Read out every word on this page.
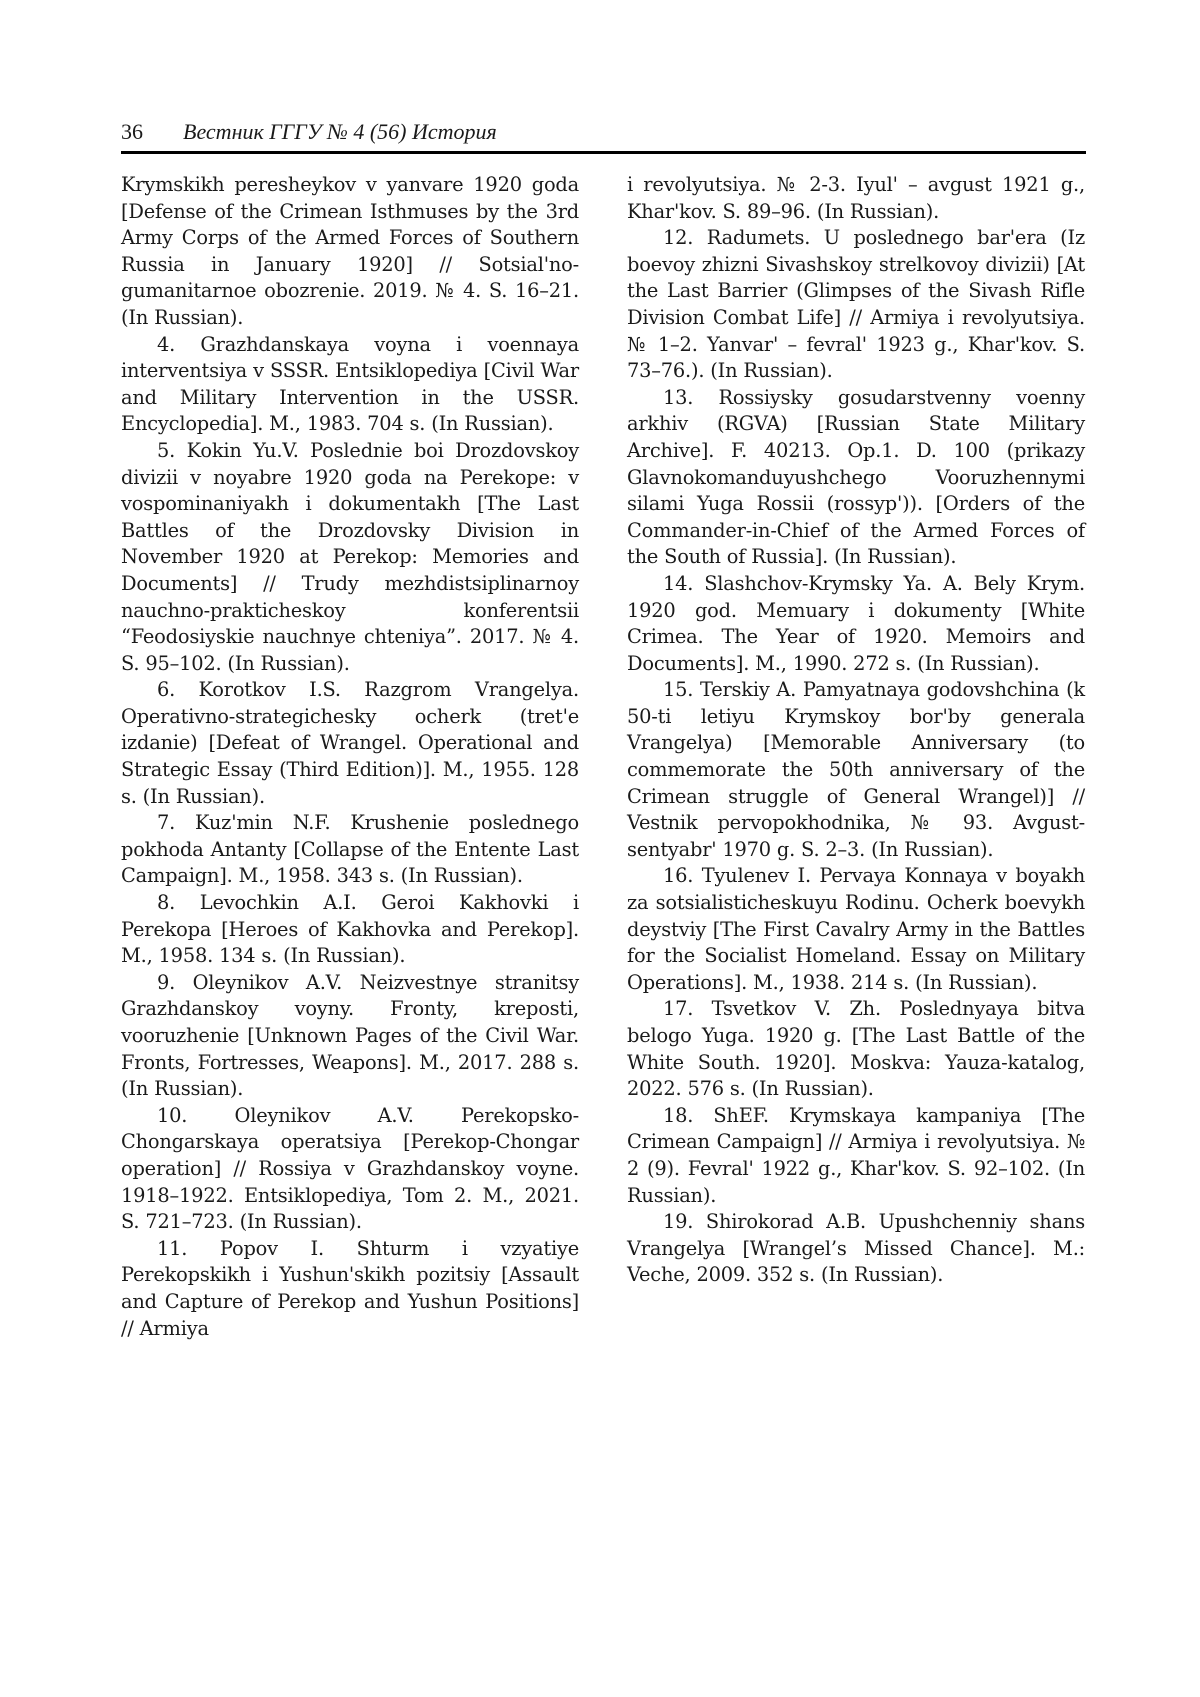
36 Вестник ГГГУ № 4 (56) История

Krymskikh peresheykov v yanvare 1920 goda [Defense of the Crimean Isthmuses by the 3rd Army Corps of the Armed Forces of Southern Russia in January 1920] // Sotsial'no-gumanitarnoe obozrenie. 2019. № 4. S. 16–21. (In Russian).

4. Grazhdanskaya voyna i voennaya interventsiya v SSSR. Entsiklopediya [Civil War and Military Intervention in the USSR. Encyclopedia]. M., 1983. 704 s. (In Russian).

5. Kokin Yu.V. Poslednie boi Drozdovskoy divizii v noyabre 1920 goda na Perekope: v vospominaniyakh i dokumentakh [The Last Battles of the Drozdovsky Division in November 1920 at Perekop: Memories and Documents] // Trudy mezhdistsiplinarnoy nauchno-prakticheskoy konferentsii “Feodosiyskie nauchnye chteniya”. 2017. № 4. S. 95–102. (In Russian).

6. Korotkov I.S. Razgrom Vrangelya. Operativno-strategichesky ocherk (tret'e izdanie) [Defeat of Wrangel. Operational and Strategic Essay (Third Edition)]. M., 1955. 128 s. (In Russian).

7. Kuz'min N.F. Krushenie poslednego pokhoda Antanty [Collapse of the Entente Last Campaign]. M., 1958. 343 s. (In Russian).

8. Levochkin A.I. Geroi Kakhovki i Perekopa [Heroes of Kakhovka and Perekop]. M., 1958. 134 s. (In Russian).

9. Oleynikov A.V. Neizvestnye stranitsy Grazhdanskoy voyny. Fronty, kreposti, vooruzhenie [Unknown Pages of the Civil War. Fronts, Fortresses, Weapons]. M., 2017. 288 s. (In Russian).

10. Oleynikov A.V. Perekopsko-Chongarskaya operatsiya [Perekop-Chongar operation] // Rossiya v Grazhdanskoy voyne. 1918–1922. Entsiklopediya, Tom 2. M., 2021. S. 721–723. (In Russian).

11. Popov I. Shturm i vzyatiye Perekopskikh i Yushun'skikh pozitsiy [Assault and Capture of Perekop and Yushun Positions] // Armiya

i revolyutsiya. № 2-3. Iyul' – avgust 1921 g., Khar'kov. S. 89–96. (In Russian).

12. Radumets. U poslednego bar'era (Iz boevoy zhizni Sivashskoy strelkovoy divizii) [At the Last Barrier (Glimpses of the Sivash Rifle Division Combat Life] // Armiya i revolyutsiya. № 1–2. Yanvar' – fevral' 1923 g., Khar'kov. S. 73–76.). (In Russian).

13. Rossiysky gosudarstvenny voenny arkhiv (RGVA) [Russian State Military Archive]. F. 40213. Op.1. D. 100 (prikazy Glavnokomanduyushchego Vooruzhennymi silami Yuga Rossii (rossyp')). [Orders of the Commander-in-Chief of the Armed Forces of the South of Russia]. (In Russian).

14. Slashchov-Krymsky Ya. A. Bely Krym. 1920 god. Memuary i dokumenty [White Crimea. The Year of 1920. Memoirs and Documents]. M., 1990. 272 s. (In Russian).

15. Terskiy A. Pamyatnaya godovshchina (k 50-ti letiyu Krymskoy bor'by generala Vrangelya) [Memorable Anniversary (to commemorate the 50th anniversary of the Crimean struggle of General Wrangel)] // Vestnik pervopokhodnika, № 93. Avgust-sentyabr' 1970 g. S. 2–3. (In Russian).

16. Tyulenev I. Pervaya Konnaya v boyakh za sotsialisticheskuyu Rodinu. Ocherk boevykh deystviy [The First Cavalry Army in the Battles for the Socialist Homeland. Essay on Military Operations]. M., 1938. 214 s. (In Russian).

17. Tsvetkov V. Zh. Poslednyaya bitva belogo Yuga. 1920 g. [The Last Battle of the White South. 1920]. Moskva: Yauza-katalog, 2022. 576 s. (In Russian).

18. ShEF. Krymskaya kampaniya [The Crimean Campaign] // Armiya i revolyutsiya. № 2 (9). Fevral' 1922 g., Khar'kov. S. 92–102. (In Russian).

19. Shirokorad A.B. Upushchenniy shans Vrangelya [Wrangel’s Missed Chance]. M.: Veche, 2009. 352 s. (In Russian).
